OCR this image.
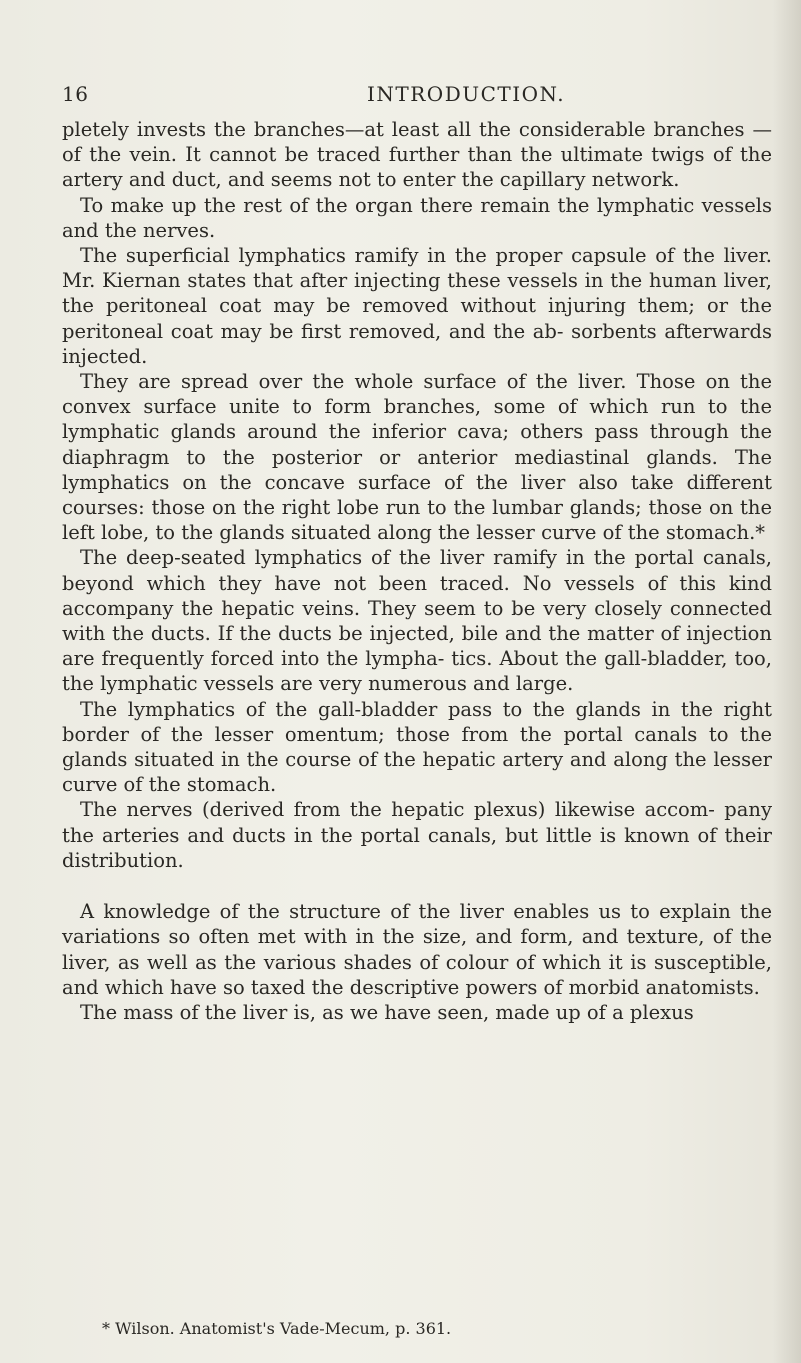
16	INTRODUCTION.

pletely invests the branches—at least all the considerable branches —of the vein. It cannot be traced further than the ultimate twigs of the artery and duct, and seems not to enter the capillary network.

To make up the rest of the organ there remain the lymphatic vessels and the nerves.

The superficial lymphatics ramify in the proper capsule of the liver. Mr. Kiernan states that after injecting these vessels in the human liver, the peritoneal coat may be removed without injuring them; or the peritoneal coat may be first removed, and the ab- sorbents afterwards injected.

They are spread over the whole surface of the liver. Those on the convex surface unite to form branches, some of which run to the lymphatic glands around the inferior cava; others pass through the diaphragm to the posterior or anterior mediastinal glands. The lymphatics on the concave surface of the liver also take different courses: those on the right lobe run to the lumbar glands; those on the left lobe, to the glands situated along the lesser curve of the stomach.*

The deep-seated lymphatics of the liver ramify in the portal canals, beyond which they have not been traced. No vessels of this kind accompany the hepatic veins. They seem to be very closely connected with the ducts. If the ducts be injected, bile and the matter of injection are frequently forced into the lympha- tics. About the gall-bladder, too, the lymphatic vessels are very numerous and large.

The lymphatics of the gall-bladder pass to the glands in the right border of the lesser omentum; those from the portal canals to the glands situated in the course of the hepatic artery and along the lesser curve of the stomach.

The nerves (derived from the hepatic plexus) likewise accom- pany the arteries and ducts in the portal canals, but little is known of their distribution.

A knowledge of the structure of the liver enables us to explain the variations so often met with in the size, and form, and texture, of the liver, as well as the various shades of colour of which it is susceptible, and which have so taxed the descriptive powers of morbid anatomists.

The mass of the liver is, as we have seen, made up of a plexus

* Wilson. Anatomist's Vade-Mecum, p. 361.
